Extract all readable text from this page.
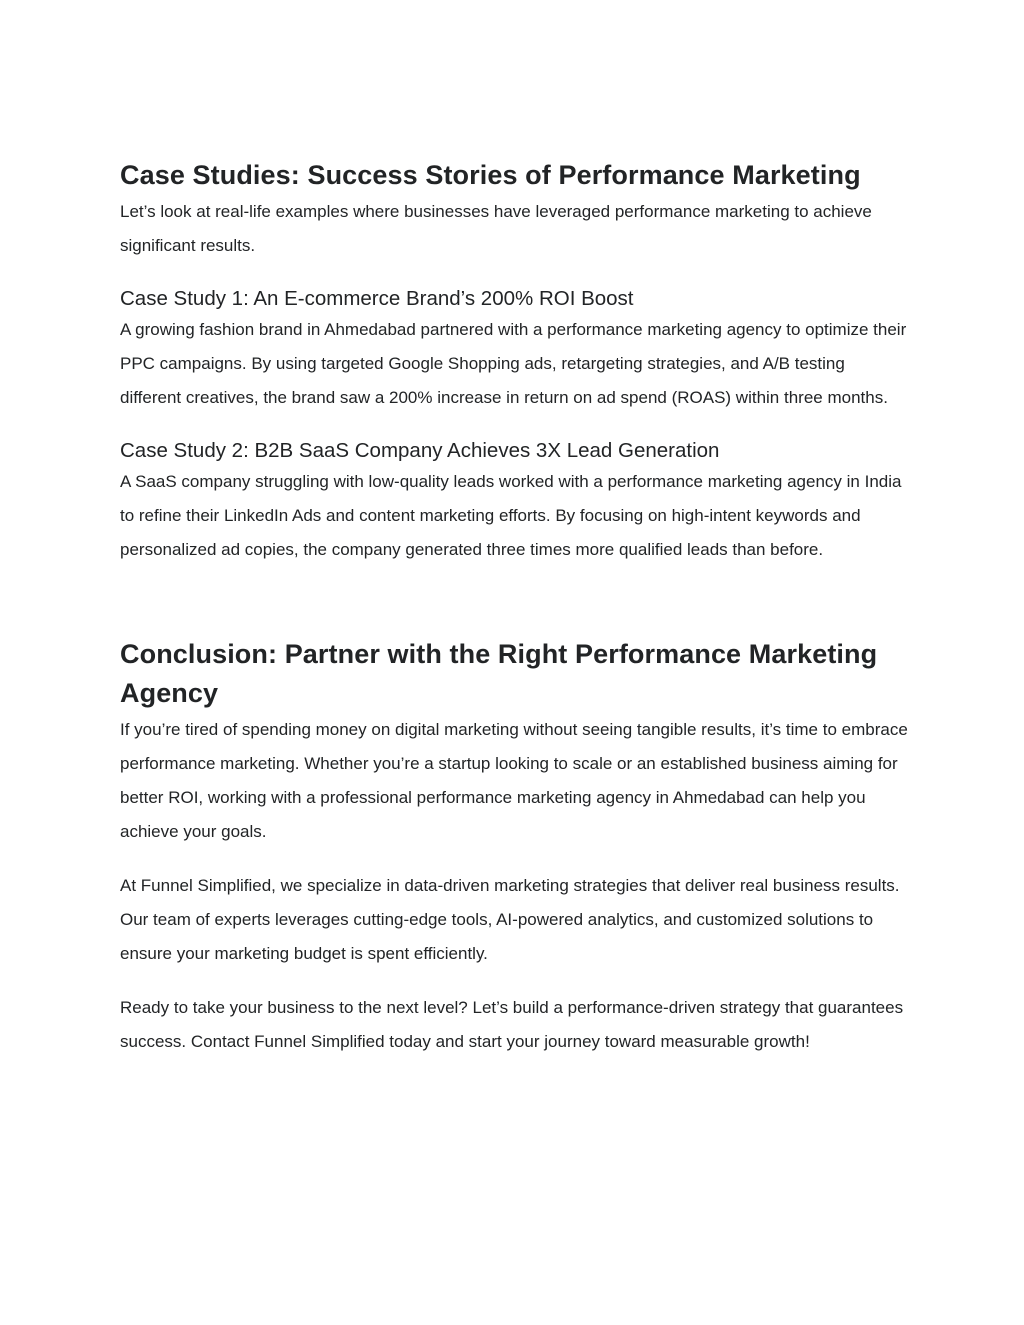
Case Studies: Success Stories of Performance Marketing

Let’s look at real-life examples where businesses have leveraged performance marketing to achieve significant results.

Case Study 1: An E-commerce Brand’s 200% ROI Boost

A growing fashion brand in Ahmedabad partnered with a performance marketing agency to optimize their PPC campaigns. By using targeted Google Shopping ads, retargeting strategies, and A/B testing different creatives, the brand saw a 200% increase in return on ad spend (ROAS) within three months.

Case Study 2: B2B SaaS Company Achieves 3X Lead Generation

A SaaS company struggling with low-quality leads worked with a performance marketing agency in India to refine their LinkedIn Ads and content marketing efforts. By focusing on high-intent keywords and personalized ad copies, the company generated three times more qualified leads than before.

Conclusion: Partner with the Right Performance Marketing Agency

If you’re tired of spending money on digital marketing without seeing tangible results, it’s time to embrace performance marketing. Whether you’re a startup looking to scale or an established business aiming for better ROI, working with a professional performance marketing agency in Ahmedabad can help you achieve your goals.

At Funnel Simplified, we specialize in data-driven marketing strategies that deliver real business results. Our team of experts leverages cutting-edge tools, AI-powered analytics, and customized solutions to ensure your marketing budget is spent efficiently.

Ready to take your business to the next level? Let’s build a performance-driven strategy that guarantees success. Contact Funnel Simplified today and start your journey toward measurable growth!
